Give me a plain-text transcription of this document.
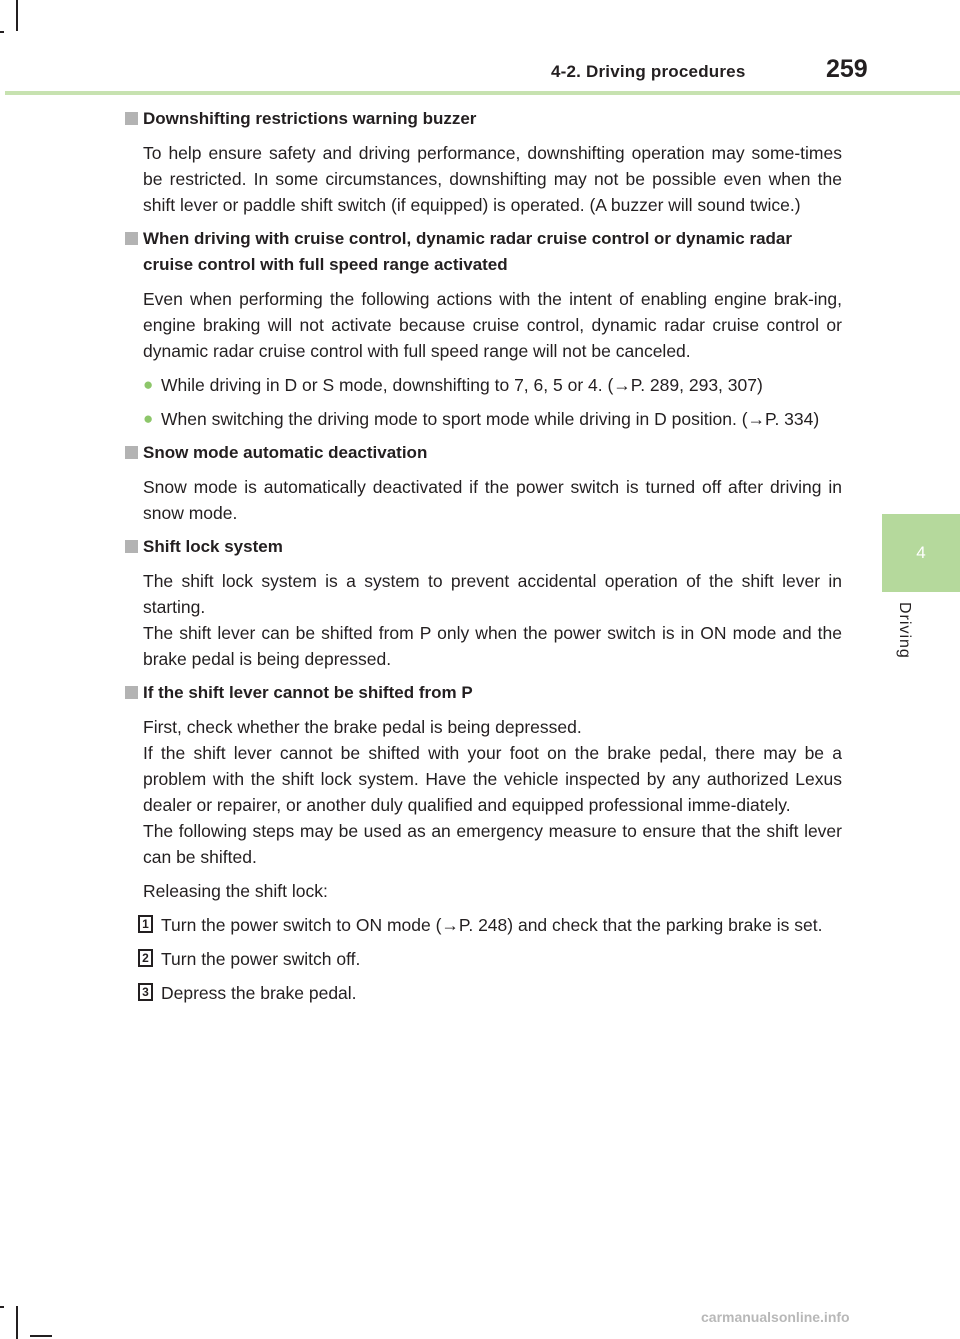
4-2. Driving procedures	259
4
Driving
Downshifting restrictions warning buzzer

To help ensure safety and driving performance, downshifting operation may some-times be restricted. In some circumstances, downshifting may not be possible even when the shift lever or paddle shift switch (if equipped) is operated. (A buzzer will sound twice.)

When driving with cruise control, dynamic radar cruise control or dynamic radar cruise control with full speed range activated

Even when performing the following actions with the intent of enabling engine brak-ing, engine braking will not activate because cruise control, dynamic radar cruise control or dynamic radar cruise control with full speed range will not be canceled.

● While driving in D or S mode, downshifting to 7, 6, 5 or 4. (→P. 289, 293, 307)
● When switching the driving mode to sport mode while driving in D position. (→P. 334)
Snow mode automatic deactivation

Snow mode is automatically deactivated if the power switch is turned off after driving in snow mode.

Shift lock system
The shift lock system is a system to prevent accidental operation of the shift lever in starting.
The shift lever can be shifted from P only when the power switch is in ON mode and the brake pedal is being depressed.
If the shift lever cannot be shifted from P
First, check whether the brake pedal is being depressed.
If the shift lever cannot be shifted with your foot on the brake pedal, there may be a problem with the shift lock system. Have the vehicle inspected by any authorized Lexus dealer or repairer, or another duly qualified and equipped professional imme-diately.
The following steps may be used as an emergency measure to ensure that the shift lever can be shifted.

Releasing the shift lock:

1 Turn the power switch to ON mode (→P. 248) and check that the parking brake is set.
2 Turn the power switch off.
3 Depress the brake pedal.
carmanualsonline.info
